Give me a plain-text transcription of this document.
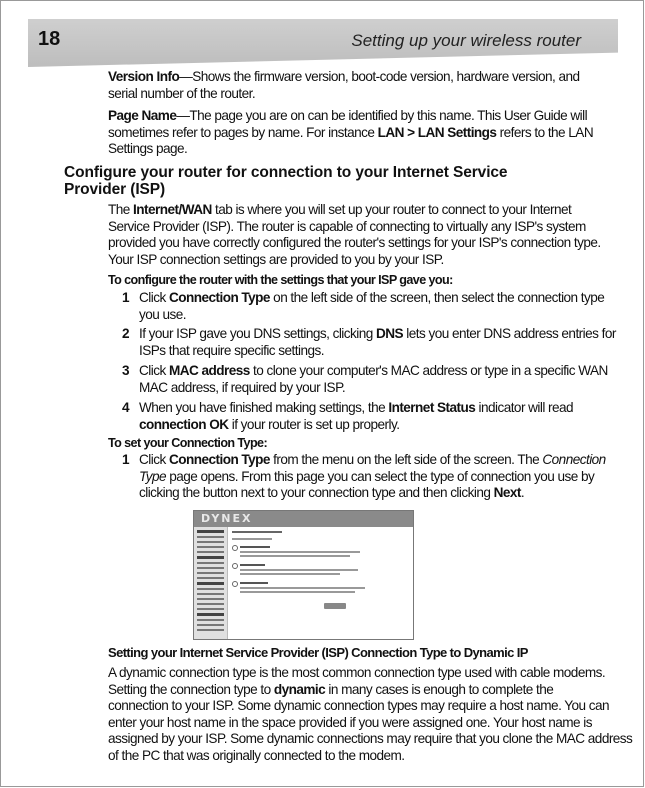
18	Setting up your wireless router
Version Info—Shows the firmware version, boot-code version, hardware version, and
serial number of the router.
Page Name—The page you are on can be identified by this name. This User Guide will
sometimes refer to pages by name. For instance LAN > LAN Settings refers to the LAN
Settings page.
Configure your router for connection to your Internet Service
Provider (ISP)
The Internet/WAN tab is where you will set up your router to connect to your Internet
Service Provider (ISP). The router is capable of connecting to virtually any ISP's system
provided you have correctly configured the router's settings for your ISP's connection type.
Your ISP connection settings are provided to you by your ISP.
To configure the router with the settings that your ISP gave you:
1 Click Connection Type on the left side of the screen, then select the connection type
you use.
2 If your ISP gave you DNS settings, clicking DNS lets you enter DNS address entries for
ISPs that require specific settings.
3 Click MAC address to clone your computer's MAC address or type in a specific WAN
MAC address, if required by your ISP.
4 When you have finished making settings, the Internet Status indicator will read
connection OK if your router is set up properly.
To set your Connection Type:
1 Click Connection Type from the menu on the left side of the screen. The Connection
Type page opens. From this page you can select the type of connection you use by
clicking the button next to your connection type and then clicking Next.
DYNEX
Setting your Internet Service Provider (ISP) Connection Type to Dynamic IP
A dynamic connection type is the most common connection type used with cable modems.
Setting the connection type to dynamic in many cases is enough to complete the
connection to your ISP. Some dynamic connection types may require a host name. You can
enter your host name in the space provided if you were assigned one. Your host name is
assigned by your ISP. Some dynamic connections may require that you clone the MAC address
of the PC that was originally connected to the modem.
